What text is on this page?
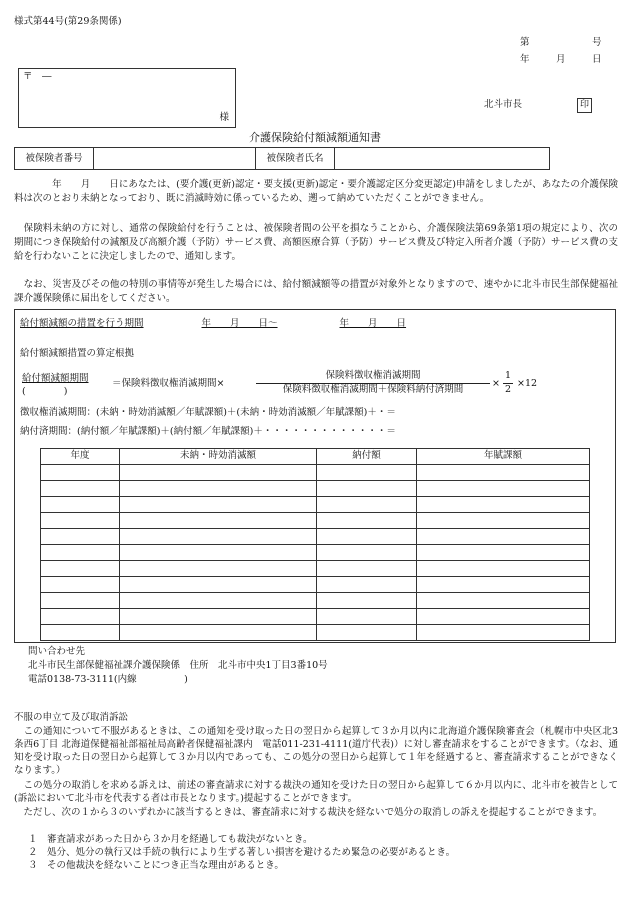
様式第44号(第29条関係)
第	号
年	月	日
〒　―
様
北斗市長	印
介護保険給付額減額通知書
被保険者番号	被保険者氏名
　　　　年　　月　　日にあなたは、(要介護(更新)認定・要支援(更新)認定・要介護認定区分変更認定)申請をしましたが、あなたの介護保険料は次のとおり未納となっており、既に消滅時効に係っているため、遡って納めていただくことができません。
　保険料未納の方に対し、通常の保険給付を行うことは、被保険者間の公平を損なうことから、介護保険法第69条第1項の規定により、次の期間につき保険給付の減額及び高額介護（予防）サービス費、高額医療合算（予防）サービス費及び特定入所者介護（予防）サービス費の支給を行わないことに決定しましたので、通知します。
　なお、災害及びその他の特別の事情等が発生した場合には、給付額減額等の措置が対象外となりますので、速やかに北斗市民生部保健福祉課介護保険係に届出をしてください。
給付額減額の措置を行う期間	年　　月　　日～	年　　月　　日
給付額減額措置の算定根拠
給付額減額期間
(　　　　)
＝保険料徴収権消滅期間×	$\frac{\text{保険料徴収権消滅期間}}{\text{保険料徴収権消滅期間＋保険料納付済期間}} \times \frac{1}{2} \times 12$
徴収権消滅期間：(未納・時効消滅額／年賦課額)＋(未納・時効消滅額／年賦課額)＋・＝
納付済期間：(納付額／年賦課額)＋(納付額／年賦課額)＋・・・・・・・・・・・・・＝
年度	未納・時効消滅額	納付額	年賦課額

問い合わせ先
北斗市民生部保健福祉課介護保険係　住所　北斗市中央1丁目3番10号
電話0138-73-3111(内線　　　　　)
不服の申立て及び取消訴訟
　この通知について不服があるときは、この通知を受け取った日の翌日から起算して３か月以内に北海道介護保険審査会（札幌市中央区北3条西6丁目 北海道保健福祉部福祉局高齢者保健福祉課内　電話011-231-4111(道庁代表)）に対し審査請求をすることができます。（なお、通知を受け取った日の翌日から起算して３か月以内であっても、この処分の翌日から起算して１年を経過すると、審査請求することができなくなります。）
　この処分の取消しを求める訴えは、前述の審査請求に対する裁決の通知を受けた日の翌日から起算して６か月以内に、北斗市を被告として(訴訟において北斗市を代表する者は市長となります。)提起することができます。
　ただし、次の１から３のいずれかに該当するときは、審査請求に対する裁決を経ないで処分の取消しの訴えを提起することができます。
１　審査請求があった日から３か月を経過しても裁決がないとき。
２　処分、処分の執行又は手続の執行により生ずる著しい損害を避けるため緊急の必要があるとき。
３　その他裁決を経ないことにつき正当な理由があるとき。
